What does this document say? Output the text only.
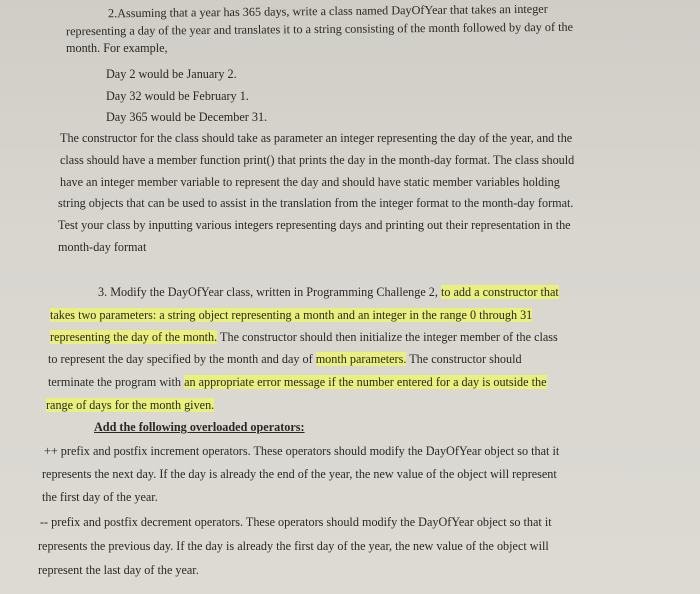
2.Assuming that a year has 365 days, write a class named DayOfYear that takes an integer
representing a day of the year and translates it to a string consisting of the month followed by day of the
month. For example,
Day 2 would be January 2.
Day 32 would be February 1.
Day 365 would be December 31.
The constructor for the class should take as parameter an integer representing the day of the year, and the
class should have a member function print() that prints the day in the month-day format. The class should
have an integer member variable to represent the day and should have static member variables holding
string objects that can be used to assist in the translation from the integer format to the month-day format.
Test your class by inputting various integers representing days and printing out their representation in the
month-day format
3. Modify the DayOfYear class, written in Programming Challenge 2, to add a constructor that
takes two parameters: a string object representing a month and an integer in the range 0 through 31
representing the day of the month. The constructor should then initialize the integer member of the class
to represent the day specified by the month and day of month parameters. The constructor should
terminate the program with an appropriate error message if the number entered for a day is outside the
range of days for the month given.
Add the following overloaded operators:
++ prefix and postfix increment operators. These operators should modify the DayOfYear object so that it
represents the next day. If the day is already the end of the year, the new value of the object will represent
the first day of the year.
-- prefix and postfix decrement operators. These operators should modify the DayOfYear object so that it
represents the previous day. If the day is already the first day of the year, the new value of the object will
represent the last day of the year.
